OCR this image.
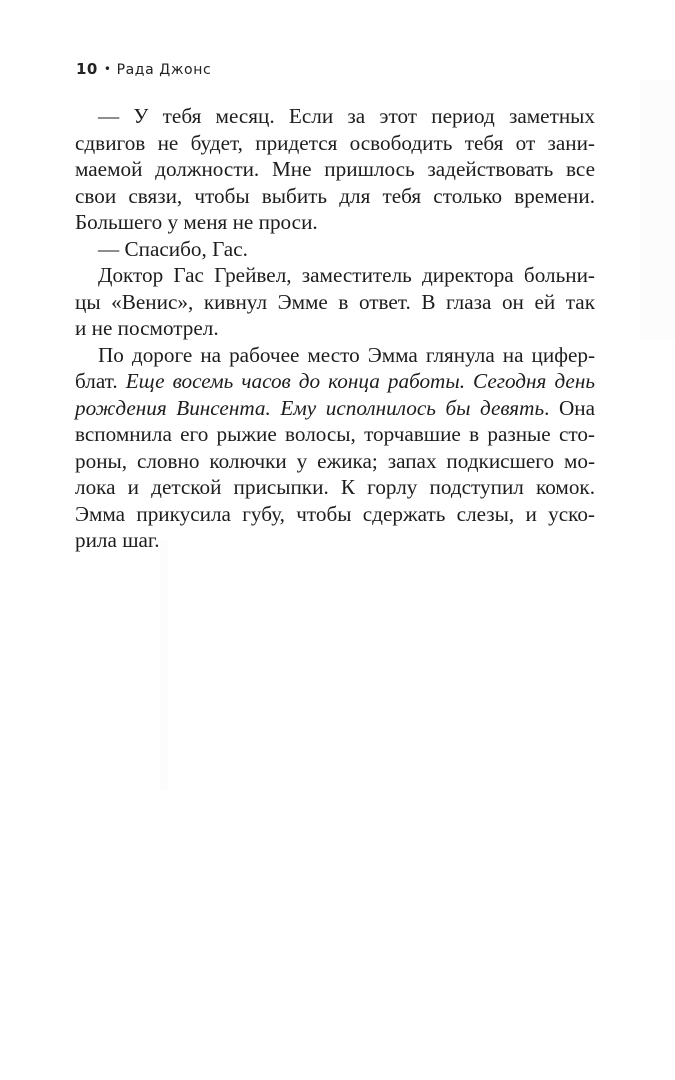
10 • Рада Джонс
— У тебя месяц. Если за этот период заметных
сдвигов не будет, придется освободить тебя от зани-
маемой должности. Мне пришлось задействовать все
свои связи, чтобы выбить для тебя столько времени.
Большего у меня не проси.
— Спасибо, Гас.
Доктор Гас Грейвел, заместитель директора больни-
цы «Венис», кивнул Эмме в ответ. В глаза он ей так
и не посмотрел.
По дороге на рабочее место Эмма глянула на цифер-
блат. Еще восемь часов до конца работы. Сегодня день
рождения Винсента. Ему исполнилось бы девять. Она
вспомнила его рыжие волосы, торчавшие в разные сто-
роны, словно колючки у ежика; запах подкисшего мо-
лока и детской присыпки. К горлу подступил комок.
Эмма прикусила губу, чтобы сдержать слезы, и уско-
рила шаг.
